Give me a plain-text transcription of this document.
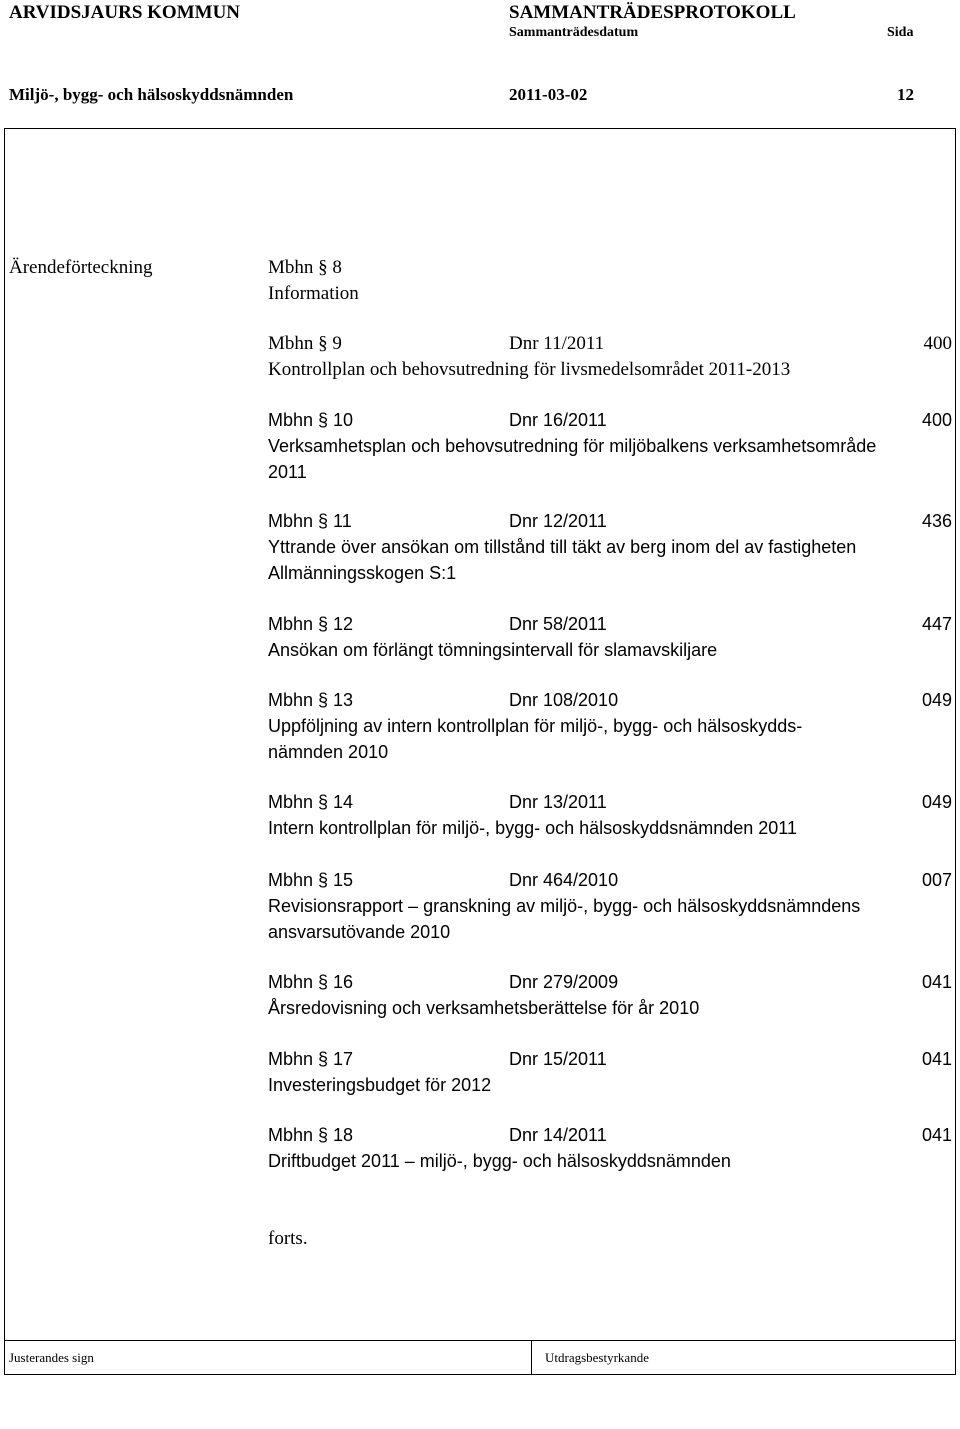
ARVIDSJAURS KOMMUN	SAMMANTRÄDESPROTOKOLL
Sammanträdesdatum	Sida
Miljö-, bygg- och hälsoskyddsnämnden	2011-03-02	12
Ärendeförteckning	Mbhn § 8
Information
Mbhn § 9	Dnr 11/2011	400
Kontrollplan och behovsutredning för livsmedelsområdet 2011-2013
Mbhn § 10	Dnr 16/2011	400
Verksamhetsplan och behovsutredning för miljöbalkens verksamhetsområde
2011
Mbhn § 11	Dnr 12/2011	436
Yttrande över ansökan om tillstånd till täkt av berg inom del av fastigheten
Allmänningsskogen S:1
Mbhn § 12	Dnr 58/2011	447
Ansökan om förlängt tömningsintervall för slamavskiljare
Mbhn § 13	Dnr 108/2010	049
Uppföljning av intern kontrollplan för miljö-, bygg- och hälsoskydds-
nämnden 2010
Mbhn § 14	Dnr 13/2011	049
Intern kontrollplan för miljö-, bygg- och hälsoskyddsnämnden 2011
Mbhn § 15	Dnr 464/2010	007
Revisionsrapport – granskning av miljö-, bygg- och hälsoskyddsnämndens
ansvarsutövande 2010
Mbhn § 16	Dnr 279/2009	041
Årsredovisning och verksamhetsberättelse för år 2010
Mbhn § 17	Dnr 15/2011	041
Investeringsbudget för 2012
Mbhn § 18	Dnr 14/2011	041
Driftbudget 2011 – miljö-, bygg- och hälsoskyddsnämnden
forts.
Justerandes sign	Utdragsbestyrkande
